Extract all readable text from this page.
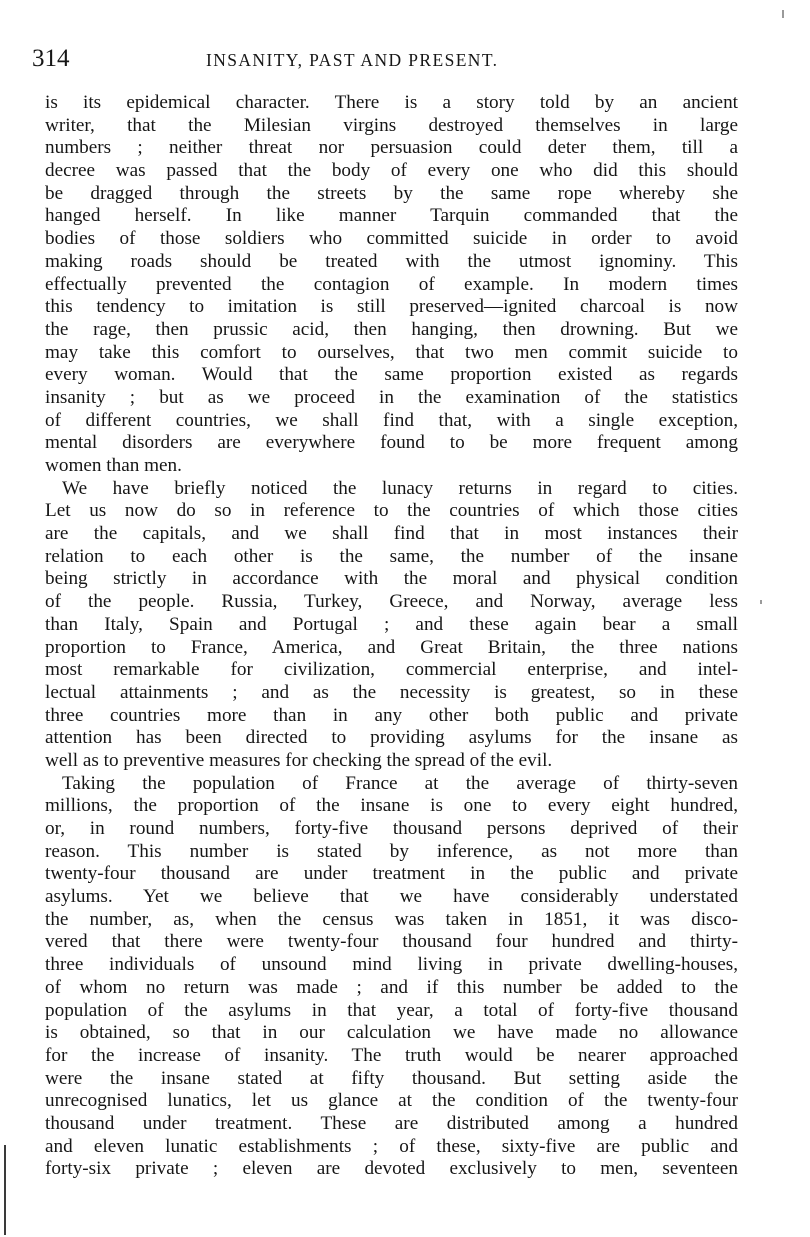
314	INSANITY, PAST AND PRESENT.
is its epidemical character. There is a story told by an ancient
writer, that the Milesian virgins destroyed themselves in large
numbers ; neither threat nor persuasion could deter them, till a
decree was passed that the body of every one who did this should
be dragged through the streets by the same rope whereby she
hanged herself. In like manner Tarquin commanded that the
bodies of those soldiers who committed suicide in order to avoid
making roads should be treated with the utmost ignominy. This
effectually prevented the contagion of example. In modern times
this tendency to imitation is still preserved—ignited charcoal is now
the rage, then prussic acid, then hanging, then drowning. But we
may take this comfort to ourselves, that two men commit suicide to
every woman. Would that the same proportion existed as regards
insanity ; but as we proceed in the examination of the statistics
of different countries, we shall find that, with a single exception,
mental disorders are everywhere found to be more frequent among
women than men.
We have briefly noticed the lunacy returns in regard to cities.
Let us now do so in reference to the countries of which those cities
are the capitals, and we shall find that in most instances their
relation to each other is the same, the number of the insane
being strictly in accordance with the moral and physical condition
of the people. Russia, Turkey, Greece, and Norway, average less
than Italy, Spain and Portugal ; and these again bear a small
proportion to France, America, and Great Britain, the three nations
most remarkable for civilization, commercial enterprise, and intel-
lectual attainments ; and as the necessity is greatest, so in these
three countries more than in any other both public and private
attention has been directed to providing asylums for the insane as
well as to preventive measures for checking the spread of the evil.
Taking the population of France at the average of thirty-seven
millions, the proportion of the insane is one to every eight hundred,
or, in round numbers, forty-five thousand persons deprived of their
reason. This number is stated by inference, as not more than
twenty-four thousand are under treatment in the public and private
asylums. Yet we believe that we have considerably understated
the number, as, when the census was taken in 1851, it was disco-
vered that there were twenty-four thousand four hundred and thirty-
three individuals of unsound mind living in private dwelling-houses,
of whom no return was made ; and if this number be added to the
population of the asylums in that year, a total of forty-five thousand
is obtained, so that in our calculation we have made no allowance
for the increase of insanity. The truth would be nearer approached
were the insane stated at fifty thousand. But setting aside the
unrecognised lunatics, let us glance at the condition of the twenty-four
thousand under treatment. These are distributed among a hundred
and eleven lunatic establishments ; of these, sixty-five are public and
forty-six private ; eleven are devoted exclusively to men, seventeen
